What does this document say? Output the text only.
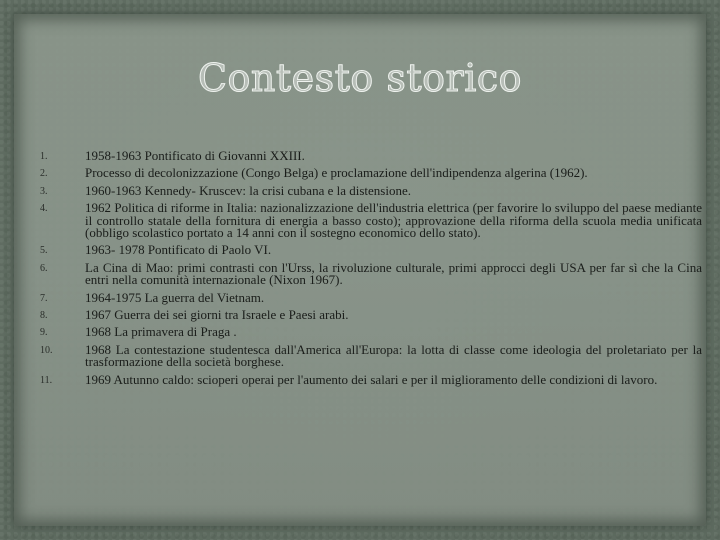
Contesto storico
1.	1958-1963 Pontificato di Giovanni XXIII.
2.	Processo di decolonizzazione (Congo Belga) e proclamazione dell'indipendenza algerina (1962).
3.	1960-1963 Kennedy- Kruscev: la crisi cubana e la distensione.
4.	1962 Politica di riforme in Italia: nazionalizzazione dell'industria elettrica (per favorire lo sviluppo del paese mediante il controllo statale della fornitura di energia a basso costo); approvazione della riforma della scuola media unificata (obbligo scolastico portato a 14 anni con il sostegno economico dello stato).
5.	1963- 1978 Pontificato di Paolo VI.
6.	La Cina di Mao: primi contrasti con l'Urss, la rivoluzione culturale, primi approcci degli USA per far sì che la Cina entri nella comunità internazionale (Nixon 1967).
7.	1964-1975 La guerra del Vietnam.
8.	1967 Guerra dei sei giorni tra Israele e Paesi arabi.
9.	1968 La primavera di Praga .
10.	1968 La contestazione studentesca dall'America all'Europa: la lotta di classe come ideologia del proletariato per la trasformazione della società borghese.
11.	1969 Autunno caldo: scioperi operai per l'aumento dei salari e per il miglioramento delle condizioni di lavoro.
